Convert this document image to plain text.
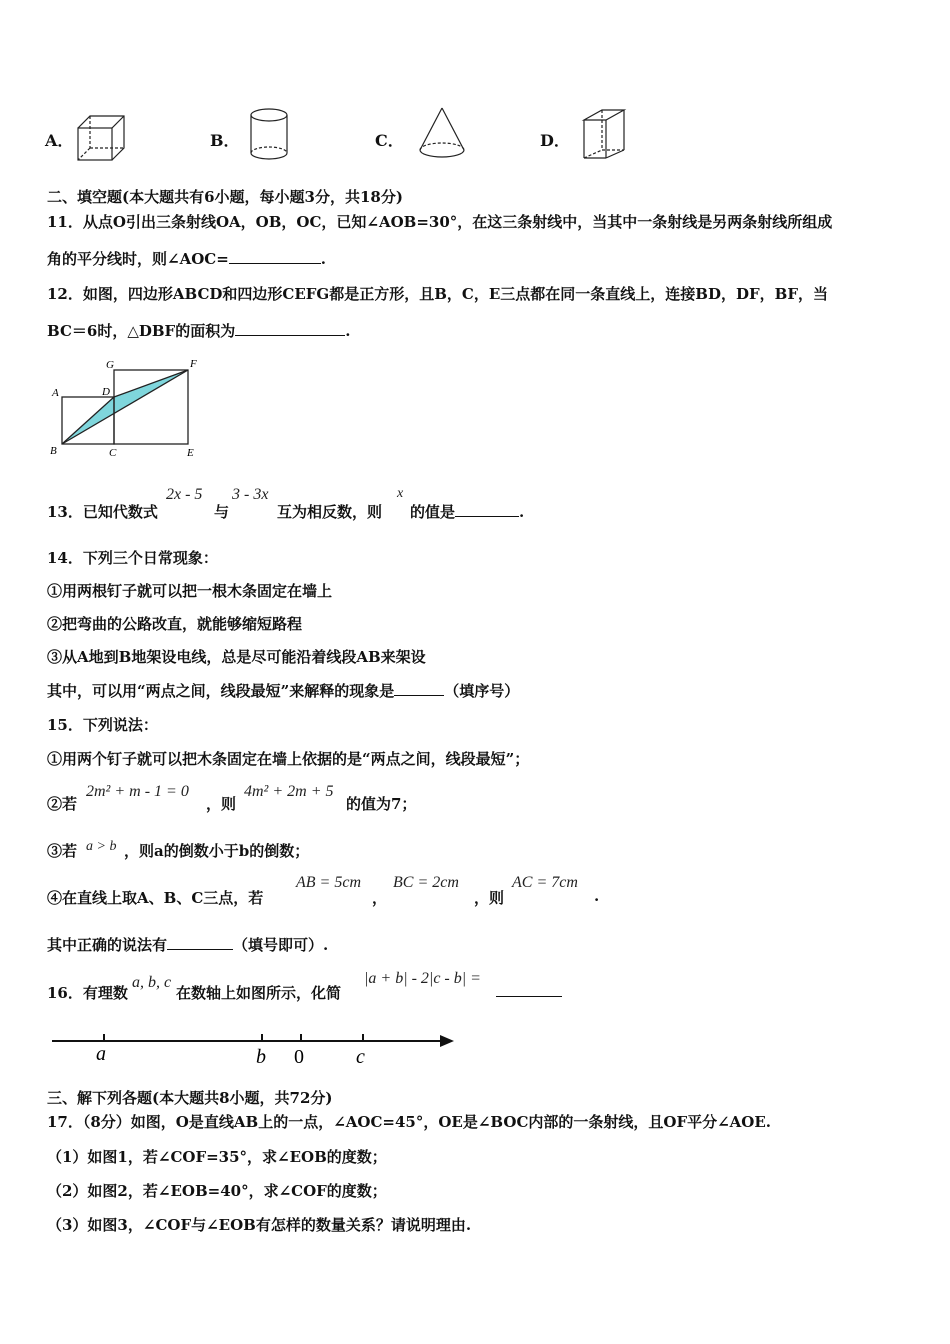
A．	B．	C．	D．
二、填空题(本大题共有6小题，每小题3分，共18分)
11．从点O引出三条射线OA，OB，OC，已知∠AOB=30°，在这三条射线中，当其中一条射线是另两条射线所组成
角的平分线时，则∠AOC=	.
12．如图，四边形ABCD和四边形CEFG都是正方形，且B，C，E三点都在同一条直线上，连接BD，DF，BF，当
BC＝6时，△DBF的面积为	.
A
B	C
D
E
F
G
13．已知代数式
2x - 5
与
3 - 3x
互为相反数，则
x
的值是	.
14．下列三个日常现象：
①用两根钉子就可以把一根木条固定在墙上
②把弯曲的公路改直，就能够缩短路程
③从A地到B地架设电线，总是尽可能沿着线段AB来架设
其中，可以用“两点之间，线段最短”来解释的现象是	（填序号）
15．下列说法：
①用两个钉子就可以把木条固定在墙上依据的是“两点之间，线段最短”；
②若
2m² + m - 1 = 0
，则
4m² + 2m + 5
的值为7；
③若 a > b ，则a的倒数小于b的倒数；
④在直线上取A、B、C三点，若
AB = 5cm
，
BC = 2cm
，则
AC = 7cm
.
其中正确的说法有	（填号即可）.
16．有理数
a, b, c
在数轴上如图所示，化简
|a + b| - 2|c - b| =
a	b 0	c
三、解下列各题(本大题共8小题，共72分)
17．（8分）如图，O是直线AB上的一点，∠AOC=45°，OE是∠BOC内部的一条射线，且OF平分∠AOE.
（1）如图1，若∠COF=35°，求∠EOB的度数；
（2）如图2，若∠EOB=40°，求∠COF的度数；
（3）如图3，∠COF与∠EOB有怎样的数量关系？请说明理由.
